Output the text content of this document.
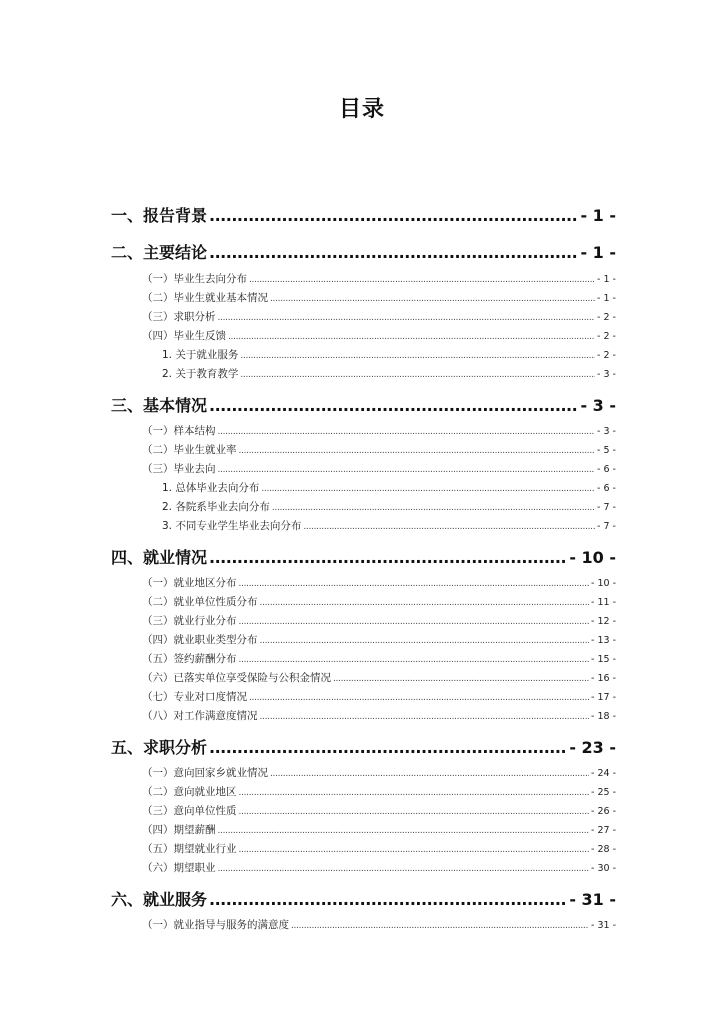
目录
一、报告背景 .....	- 1 -
二、主要结论 .....	- 1 -
（一）毕业生去向分布 .....	- 1 -
（二）毕业生就业基本情况 .....	- 1 -
（三）求职分析 .....	- 2 -
（四）毕业生反馈 .....	- 2 -
1. 关于就业服务 .....	- 2 -
2. 关于教育教学 .....	- 3 -
三、基本情况 .....	- 3 -
（一）样本结构 .....	- 3 -
（二）毕业生就业率 .....	- 5 -
（三）毕业去向 .....	- 6 -
1. 总体毕业去向分布 .....	- 6 -
2. 各院系毕业去向分布 .....	- 7 -
3. 不同专业学生毕业去向分布 .....	- 7 -
四、就业情况 .....	- 10 -
（一）就业地区分布 .....	- 10 -
（二）就业单位性质分布 .....	- 11 -
（三）就业行业分布 .....	- 12 -
（四）就业职业类型分布 .....	- 13 -
（五）签约薪酬分布 .....	- 15 -
（六）已落实单位享受保险与公积金情况 .....	- 16 -
（七）专业对口度情况 .....	- 17 -
（八）对工作满意度情况 .....	- 18 -
五、求职分析 .....	- 23 -
（一）意向回家乡就业情况 .....	- 24 -
（二）意向就业地区 .....	- 25 -
（三）意向单位性质 .....	- 26 -
（四）期望薪酬 .....	- 27 -
（五）期望就业行业 .....	- 28 -
（六）期望职业 .....	- 30 -
六、就业服务 .....	- 31 -
（一）就业指导与服务的满意度 .....	- 31 -
